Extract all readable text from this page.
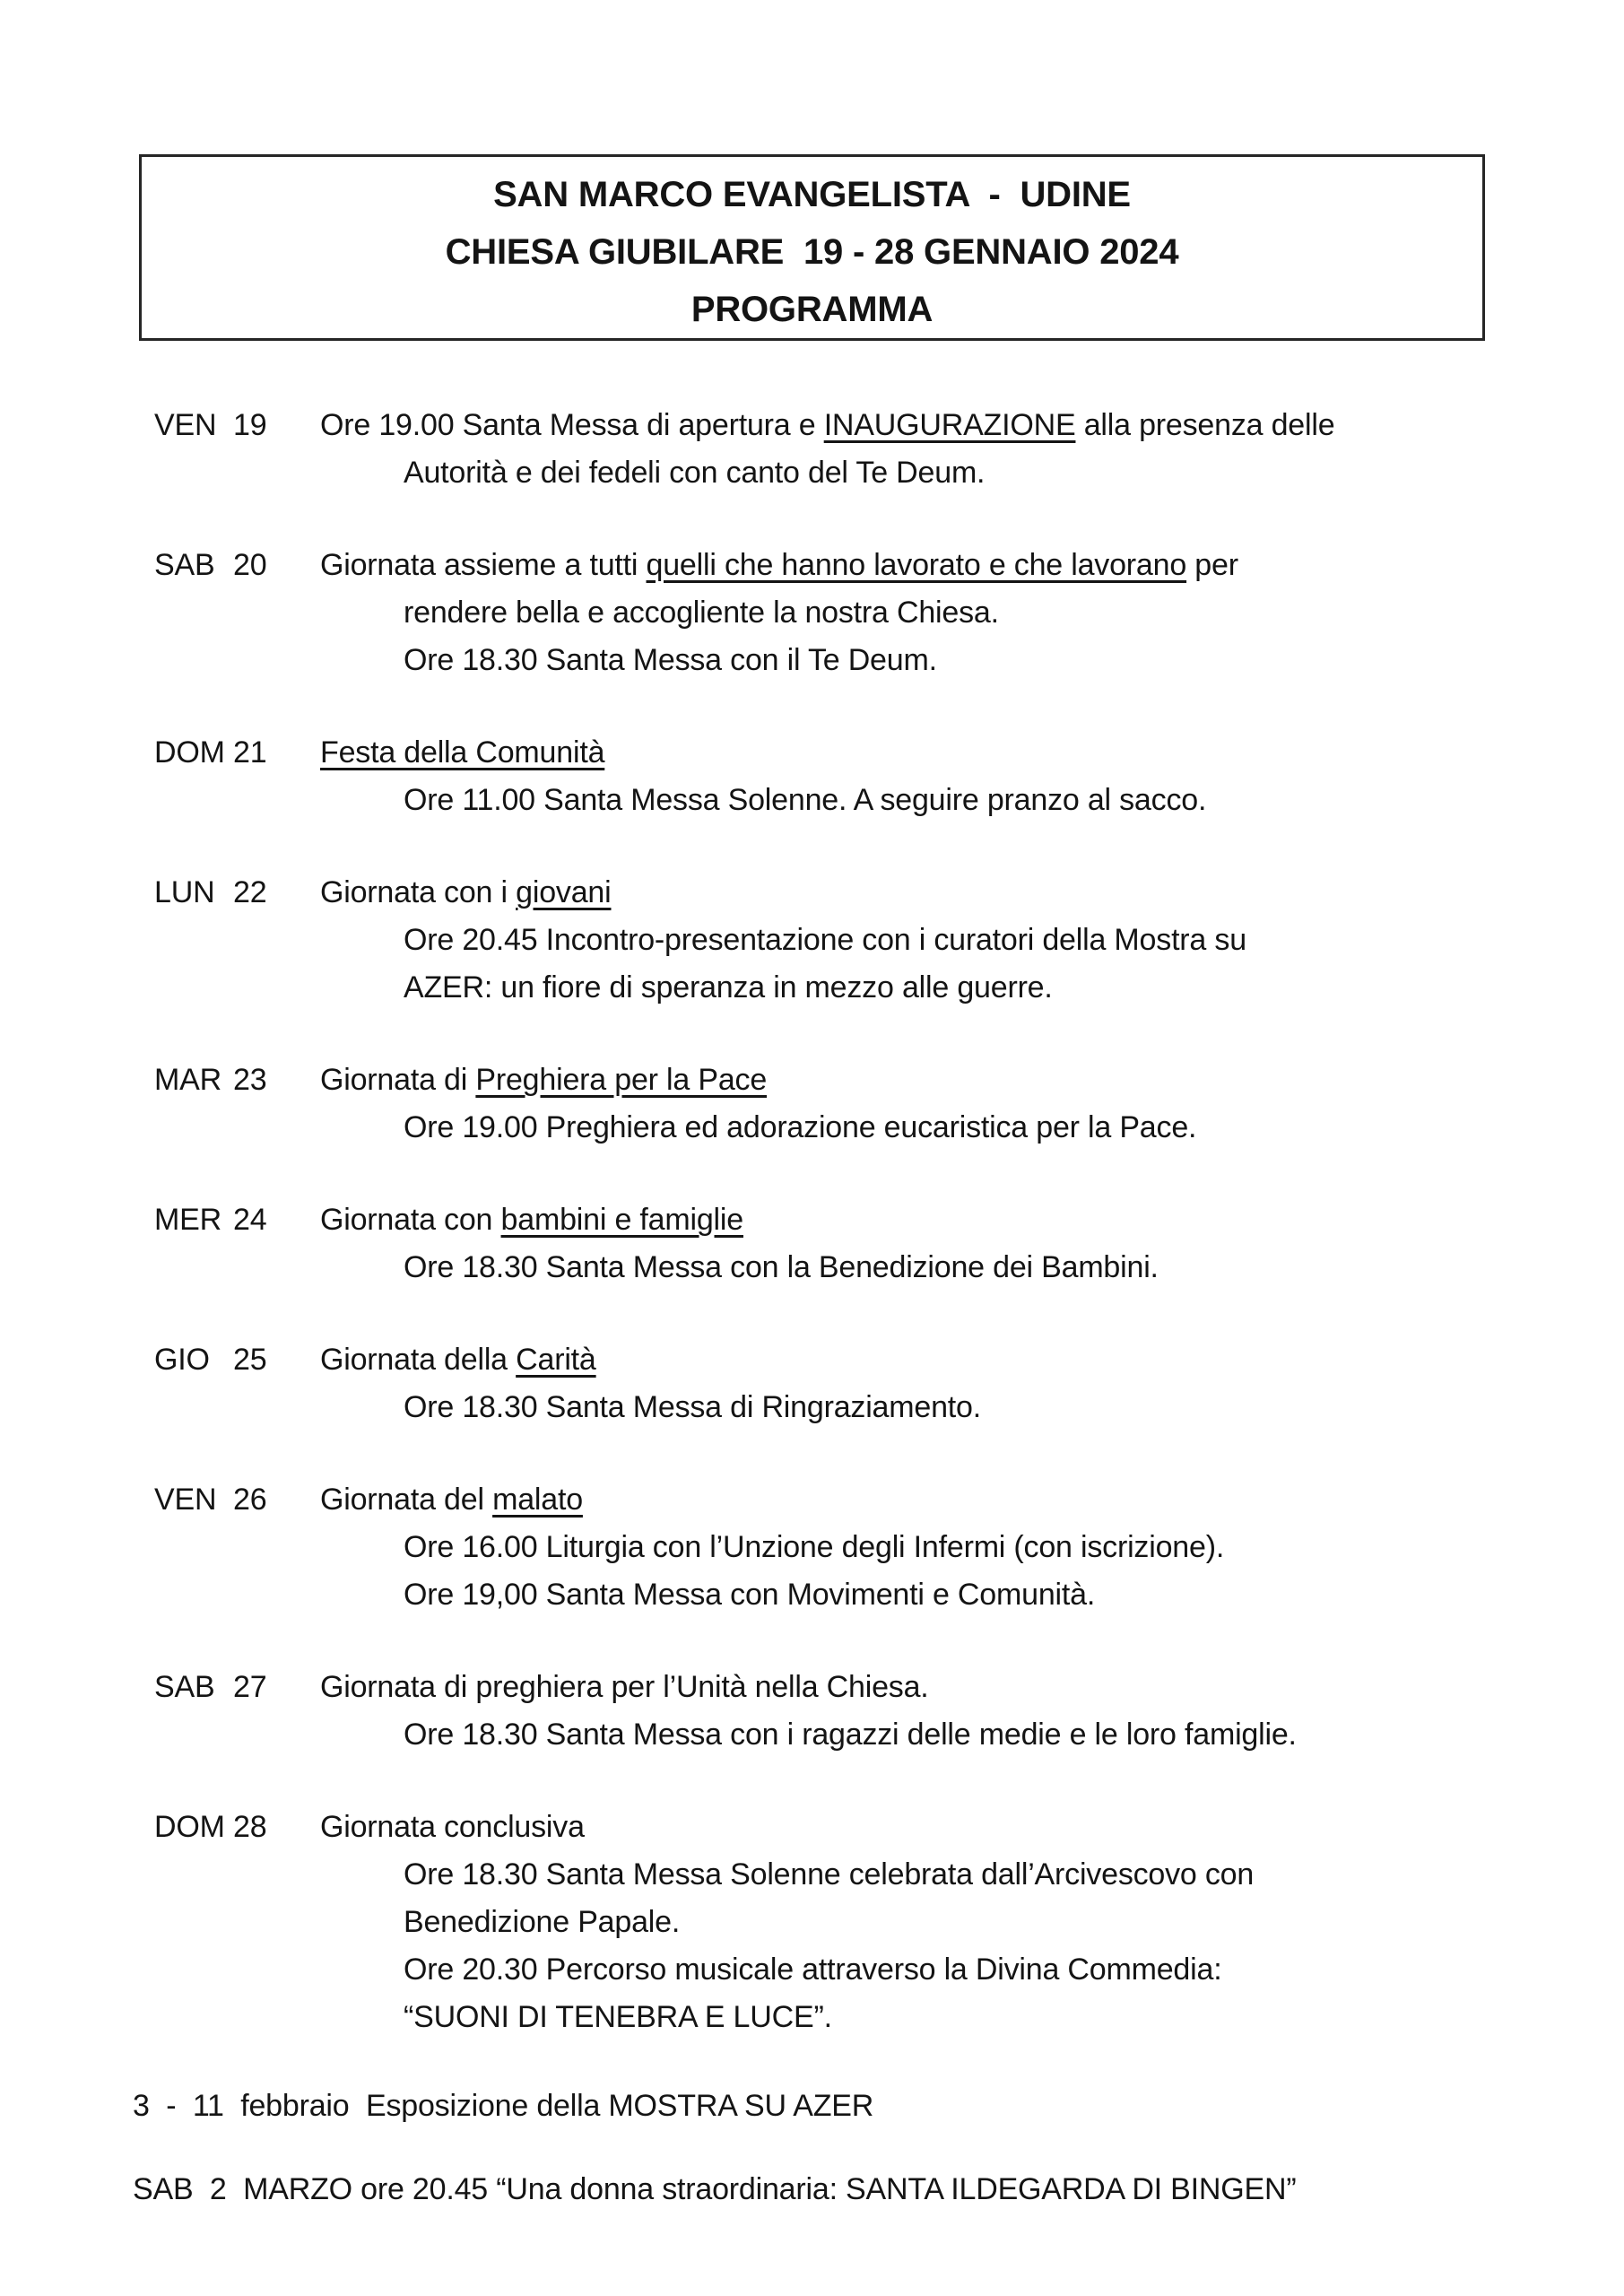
SAN MARCO EVANGELISTA  -  UDINE
CHIESA GIUBILARE  19 - 28 GENNAIO 2024
PROGRAMMA
VEN 19	Ore 19.00 Santa Messa di apertura e INAUGURAZIONE alla presenza delle
Autorità e dei fedeli con canto del Te Deum.
SAB 20	Giornata assieme a tutti quelli che hanno lavorato e che lavorano per
rendere bella e accogliente la nostra Chiesa.
Ore 18.30 Santa Messa con il Te Deum.
DOM 21	Festa della Comunità
Ore 11.00 Santa Messa Solenne. A seguire pranzo al sacco.
LUN 22	Giornata con i giovani
Ore 20.45 Incontro-presentazione con i curatori della Mostra su
AZER: un fiore di speranza in mezzo alle guerre.
MAR 23	Giornata di Preghiera per la Pace
Ore 19.00 Preghiera ed adorazione eucaristica per la Pace.
MER 24	Giornata con bambini e famiglie
Ore 18.30 Santa Messa con la Benedizione dei Bambini.
GIO 25	Giornata della Carità
Ore 18.30 Santa Messa di Ringraziamento.
VEN 26	Giornata del malato
Ore 16.00 Liturgia con l’Unzione degli Infermi (con iscrizione).
Ore 19,00 Santa Messa con Movimenti e Comunità.
SAB 27	Giornata di preghiera per l’Unità nella Chiesa.
Ore 18.30 Santa Messa con i ragazzi delle medie e le loro famiglie.
DOM 28	Giornata conclusiva
Ore 18.30 Santa Messa Solenne celebrata dall’Arcivescovo con
Benedizione Papale.
Ore 20.30 Percorso musicale attraverso la Divina Commedia:
“SUONI DI TENEBRA E LUCE”.
3  -  11  febbraio  Esposizione della MOSTRA SU AZER
SAB  2  MARZO ore 20.45 “Una donna straordinaria: SANTA ILDEGARDA DI BINGEN”
